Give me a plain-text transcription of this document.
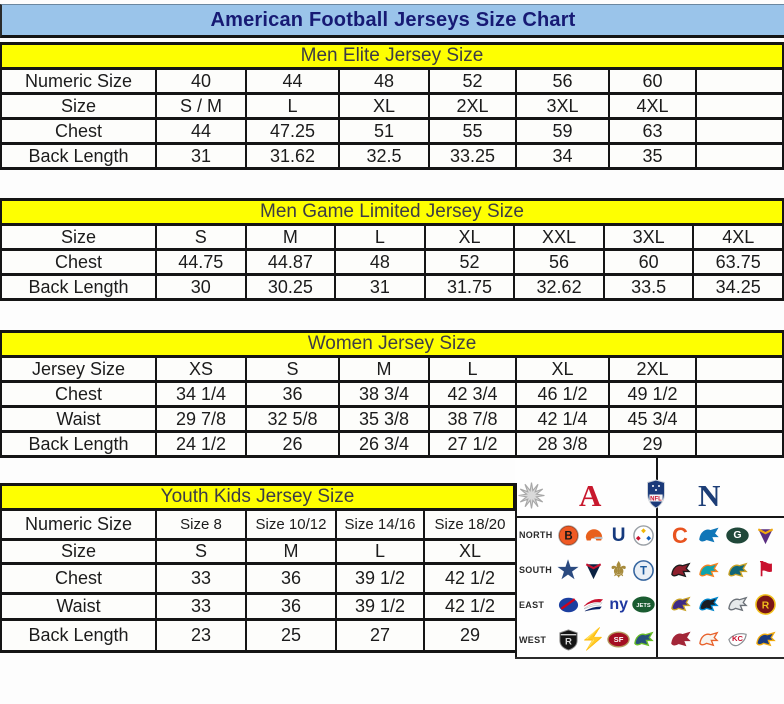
American Football Jerseys Size Chart
Men Elite Jersey Size
Numeric Size	40	44	48	52	56	60
Size	S / M	L	XL	2XL	3XL	4XL
Chest	44	47.25	51	55	59	63
Back Length	31	31.62	32.5	33.25	34	35
Men Game Limited Jersey Size
Size	S	M	L	XL	XXL	3XL	4XL
Chest	44.75	44.87	48	52	56	60	63.75
Back Length	30	30.25	31	31.75	32.62	33.5	34.25
Women Jersey Size
Jersey Size	XS	S	M	L	XL	2XL
Chest	34 1/4	36	38 3/4	42 3/4	46 1/2	49 1/2
Waist	29 7/8	32 5/8	35 3/8	38 7/8	42 1/4	45 3/4
Back Length	24 1/2	26	26 3/4	27 1/2	28 3/8	29
Youth Kids Jersey Size
Numeric Size	Size 8	Size 10/12	Size 14/16	Size 18/20
Size	S	M	L	XL
Chest	33	36	39 1/2	42 1/2
Waist	33	36	39 1/2	42 1/2
Back Length	23	25	27	29
A	NFL N
NORTH B U C	G
SOUTH ★ ⚜ T	⚑
EAST	ny JETS	R
WEST	R ⚡ SF	KC
